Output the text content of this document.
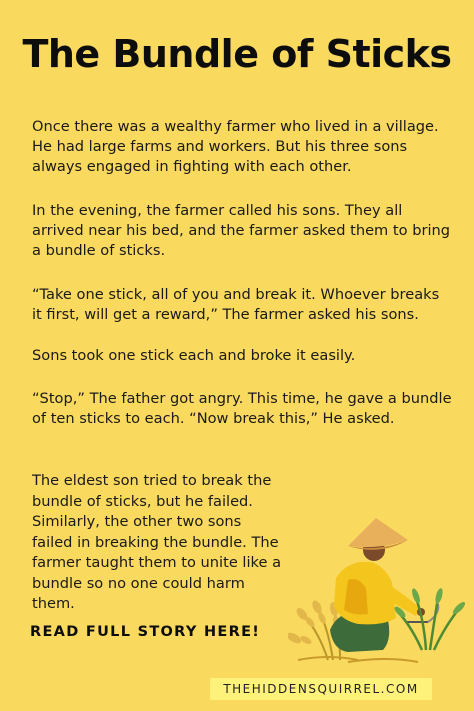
The Bundle of Sticks

Once there was a wealthy farmer who lived in a village. He had large farms and workers. But his three sons always engaged in fighting with each other.

In the evening, the farmer called his sons. They all arrived near his bed, and the farmer asked them to bring a bundle of sticks.

“Take one stick, all of you and break it. Whoever breaks it first, will get a reward,” The farmer asked his sons.

Sons took one stick each and broke it easily.

“Stop,” The father got angry. This time, he gave a bundle of ten sticks to each. “Now break this,” He asked.

The eldest son tried to break the bundle of sticks, but he failed. Similarly, the other two sons failed in breaking the bundle. The farmer taught them to unite like a bundle so no one could harm them.

READ FULL STORY HERE!
THEHIDDENSQUIRREL.COM
